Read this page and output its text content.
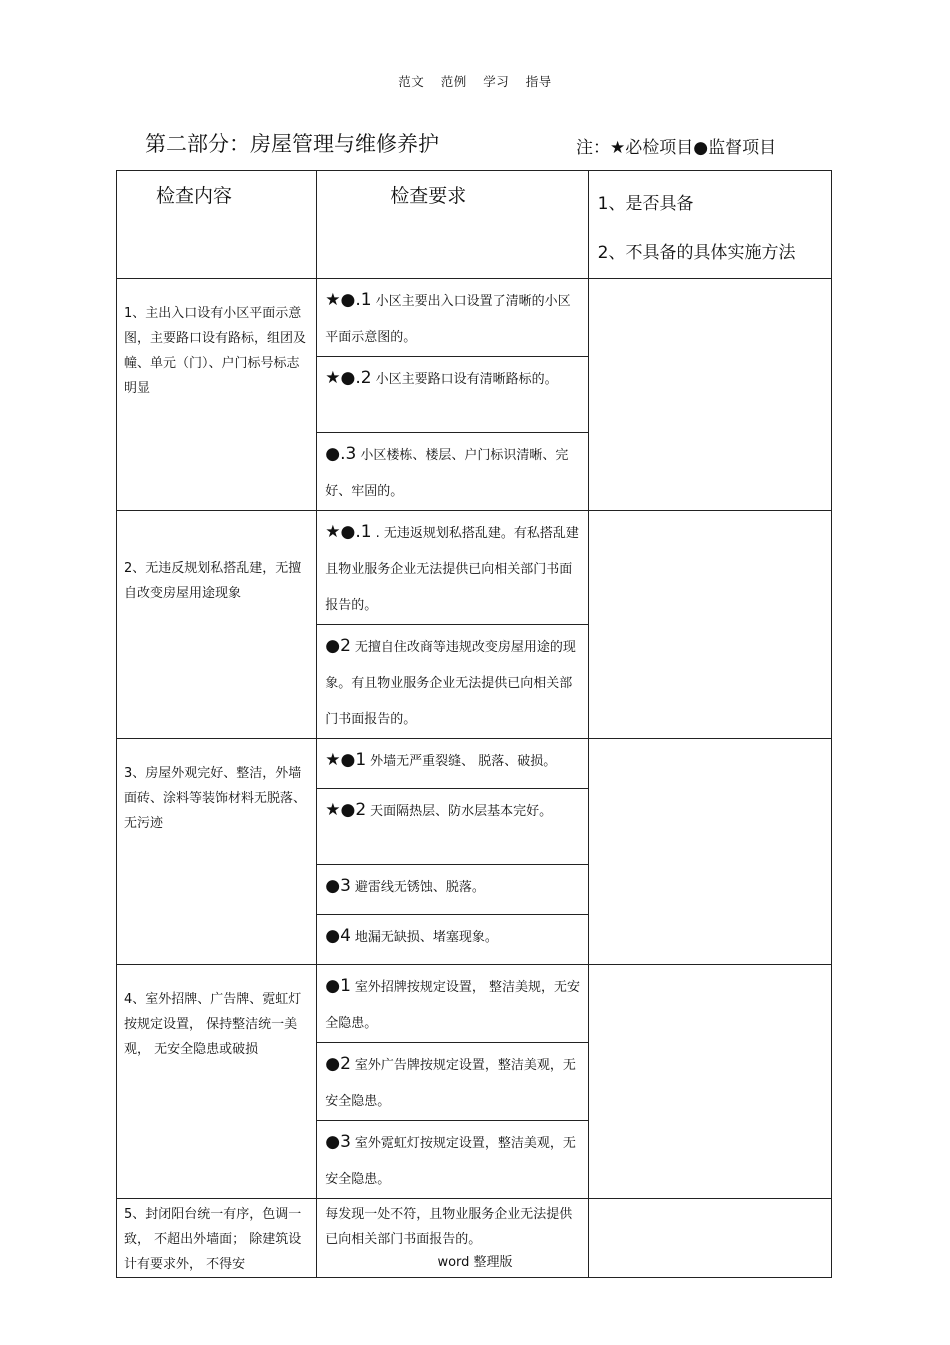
范文 范例 学习 指导
第二部分：房屋管理与维修养护	注：★必检项目●监督项目
检查内容	检查要求	1、是否具备
2、不具备的具体实施方法

1、主出入口设有小区平面示意图，主要路口设有路标，组团及幢、单元（门）、户门标号标志明显	★●.1 小区主要出入口设置了清晰的小区平面示意图的。	
	★●.2 小区主要路口设有清晰路标的。	
	●.3 小区楼栋、楼层、户门标识清晰、完好、牢固的。	
2、无违反规划私搭乱建，无擅自改变房屋用途现象	★●.1 . 无违返规划私搭乱建。有私搭乱建且物业服务企业无法提供已向相关部门书面报告的。	
	●2 无擅自住改商等违规改变房屋用途的现象。有且物业服务企业无法提供已向相关部门书面报告的。	
3、房屋外观完好、整洁，外墙面砖、涂料等装饰材料无脱落、无污迹	★●1 外墙无严重裂缝、 脱落、破损。	
	★●2 天面隔热层、防水层基本完好。	
	●3 避雷线无锈蚀、脱落。	
	●4 地漏无缺损、堵塞现象。	
4、室外招牌、广告牌、霓虹灯按规定设置， 保持整洁统一美观， 无安全隐患或破损	●1 室外招牌按规定设置， 整洁美规，无安全隐患。	
	●2 室外广告牌按规定设置，整洁美观，无安全隐患。	
	●3 室外霓虹灯按规定设置，整洁美观，无安全隐患。	
5、封闭阳台统一有序，色调一致， 不超出外墙面； 除建筑设计有要求外， 不得安	每发现一处不符，且物业服务企业无法提供已向相关部门书面报告的。	
word 整理版
